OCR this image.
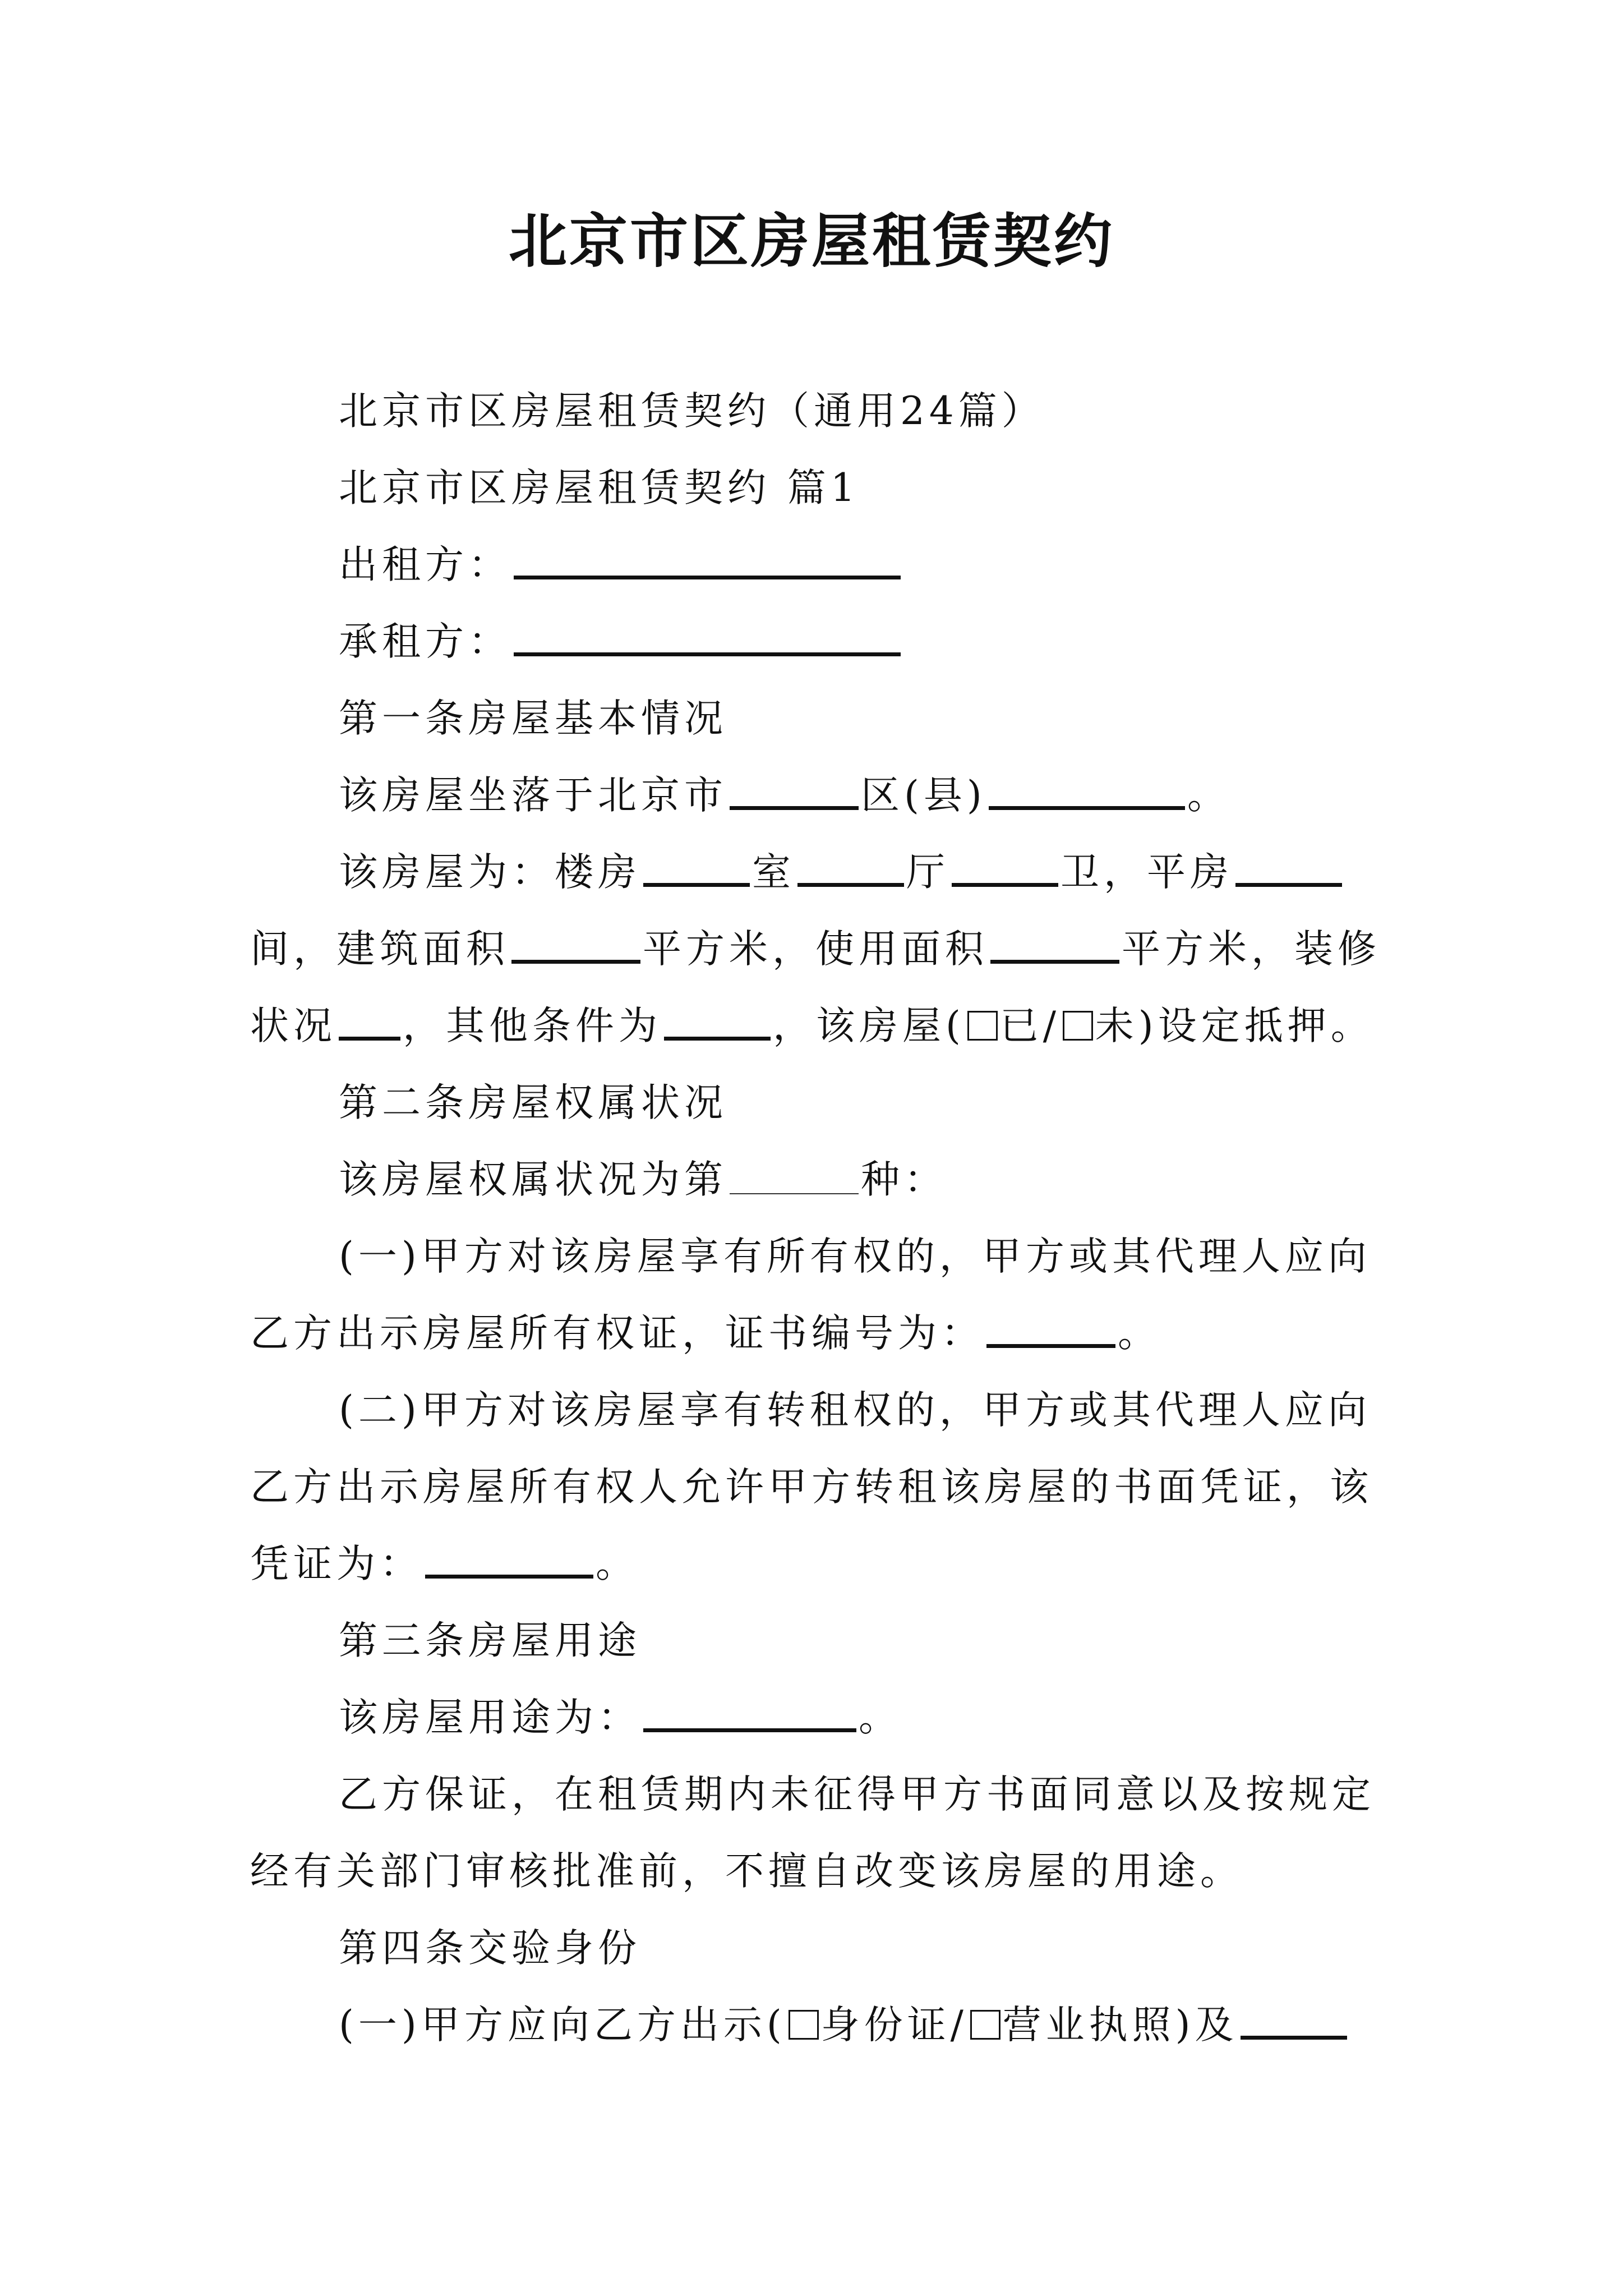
北京市区房屋租赁契约

北京市区房屋租赁契约（通用24篇）

北京市区房屋租赁契约 篇1

出租方：

承租方：

第一条房屋基本情况

该房屋坐落于北京市	区(县)	。

该房屋为：楼房	室	厅	卫，平房间，建筑面积	平方米，使用面积	平方米，装修状况 ，其他条件为	，该房屋( 已/ 未)设定抵押。

第二条房屋权属状况

该房屋权属状况为第	种：

(一)甲方对该房屋享有所有权的，甲方或其代理人应向乙方出示房屋所有权证，证书编号为：	。

(二)甲方对该房屋享有转租权的，甲方或其代理人应向乙方出示房屋所有权人允许甲方转租该房屋的书面凭证，该凭证为：	。

第三条房屋用途

该房屋用途为：	。

乙方保证，在租赁期内未征得甲方书面同意以及按规定经有关部门审核批准前，不擅自改变该房屋的用途。

第四条交验身份

(一)甲方应向乙方出示( 身份证/ 营业执照)及
